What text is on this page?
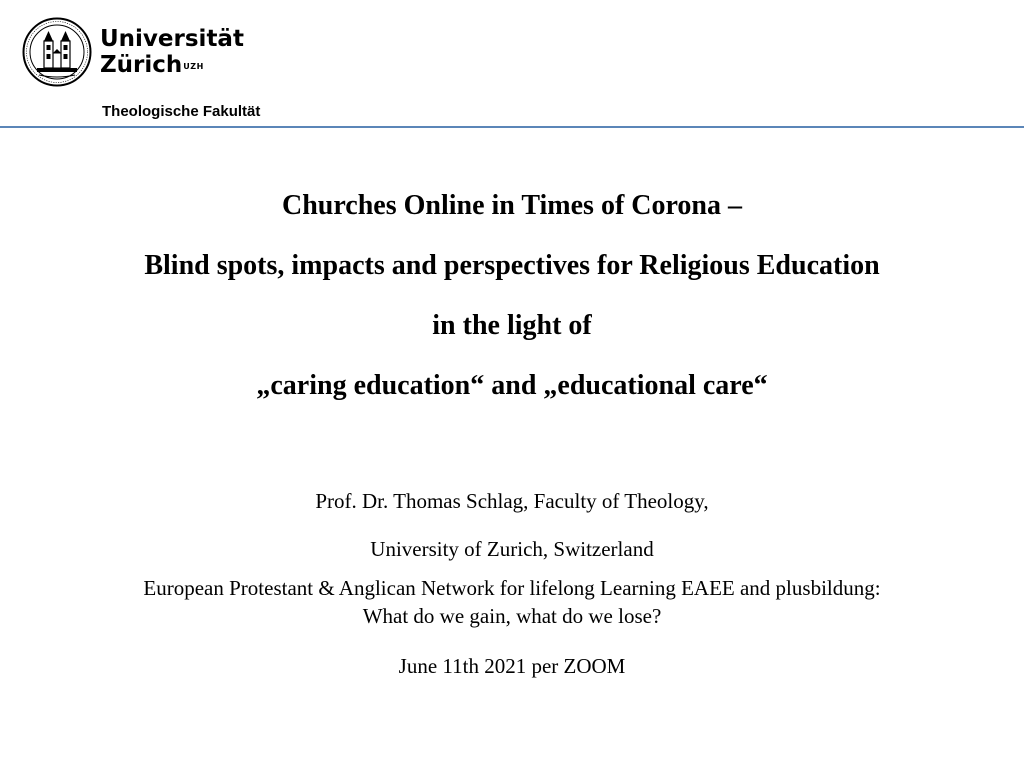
Universität
Zürich$^{UZH}$
Theologische Fakultät
Churches Online in Times of Corona –
Blind spots, impacts and perspectives for Religious Education
in the light of
„caring education“ and „educational care“
Prof. Dr. Thomas Schlag, Faculty of Theology,
University of Zurich, Switzerland
European Protestant & Anglican Network for lifelong Learning EAEE and plusbildung:
What do we gain, what do we lose?
June 11th 2021 per ZOOM
